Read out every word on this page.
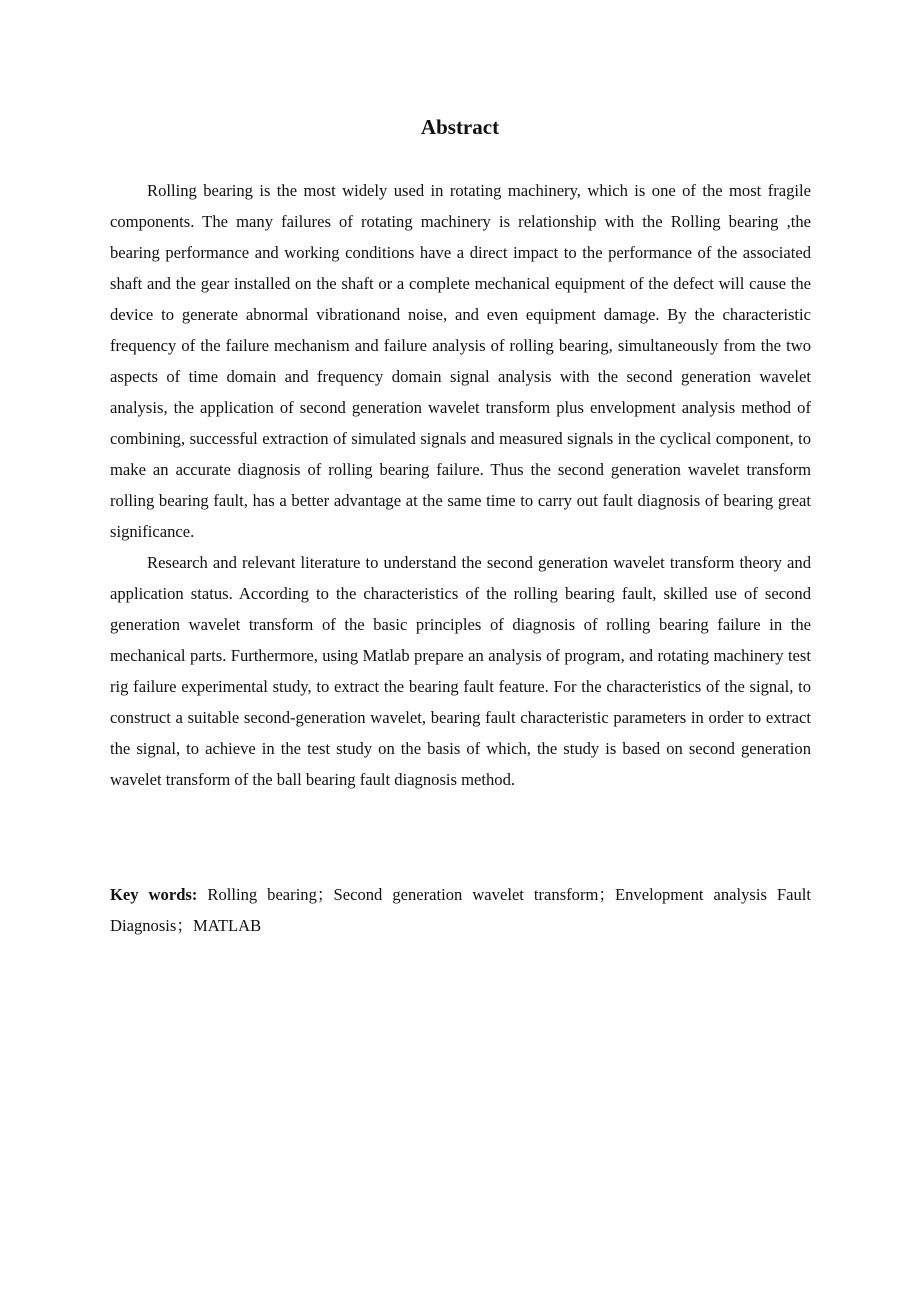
Abstract

Rolling bearing is the most widely used in rotating machinery, which is one of the most fragile components. The many failures of rotating machinery is relationship with the Rolling bearing ,the bearing performance and working conditions have a direct impact to the performance of the associated shaft and the gear installed on the shaft or a complete mechanical equipment of the defect will cause the device to generate abnormal vibrationand noise, and even equipment damage. By the characteristic frequency of the failure mechanism and failure analysis of rolling bearing, simultaneously from the two aspects of time domain and frequency domain signal analysis with the second generation wavelet analysis, the application of second generation wavelet transform plus envelopment analysis method of combining, successful extraction of simulated signals and measured signals in the cyclical component, to make an accurate diagnosis of rolling bearing failure. Thus the second generation wavelet transform rolling bearing fault, has a better advantage at the same time to carry out fault diagnosis of bearing great significance.

Research and relevant literature to understand the second generation wavelet transform theory and application status. According to the characteristics of the rolling bearing fault, skilled use of second generation wavelet transform of the basic principles of diagnosis of rolling bearing failure in the mechanical parts. Furthermore, using Matlab prepare an analysis of program, and rotating machinery test rig failure experimental study, to extract the bearing fault feature. For the characteristics of the signal, to construct a suitable second-generation wavelet, bearing fault characteristic parameters in order to extract the signal, to achieve in the test study on the basis of which, the study is based on second generation wavelet transform of the ball bearing fault diagnosis method.

Key words: Rolling bearing；Second generation wavelet transform；Envelopment analysis Fault Diagnosis；MATLAB
